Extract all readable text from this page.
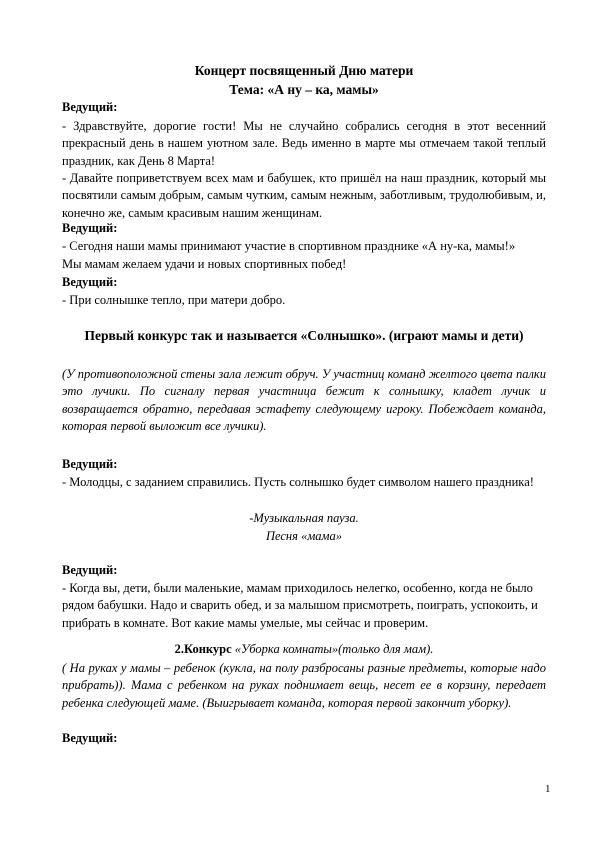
Концерт посвященный Дню матери
Тема: «А ну – ка, мамы»
Ведущий:

- Здравствуйте, дорогие гости! Мы не случайно собрались сегодня в этот весенний прекрасный день в нашем уютном зале. Ведь именно в марте мы отмечаем такой теплый праздник, как День 8 Марта!

- Давайте поприветствуем всех мам и бабушек, кто пришёл на наш праздник, который мы посвятили самым добрым, самым чутким, самым нежным, заботливым, трудолюбивым, и, конечно же, самым красивым нашим женщинам.

Ведущий:
- Сегодня наши мамы принимают участие в спортивном празднике «А ну-ка, мамы!»
Мы мамам желаем удачи и новых спортивных побед!
Ведущий:
- При солнышке тепло, при матери добро.
Первый конкурс так и называется «Солнышко». (играют мамы и дети)

(У противоположной стены зала лежит обруч. У участниц команд желтого цвета палки это лучики. По сигналу первая участница бежит к солнышку, кладет лучик и возвращается обратно, передавая эстафету следующему игроку. Побеждает команда, которая первой выложит все лучики).

Ведущий:

- Молодцы, с заданием справились. Пусть солнышко будет символом нашего праздника!

-Музыкальная пауза.
Песня «мама»
Ведущий:

- Когда вы, дети, были маленькие, мамам приходилось нелегко, особенно, когда не было рядом бабушки. Надо и сварить обед, и за малышом присмотреть, поиграть, успокоить, и прибрать в комнате. Вот какие мамы умелые, мы сейчас и проверим.

2.Конкурс «Уборка комнаты»(только для мам).

( На руках у мамы – ребенок (кукла, на полу разбросаны разные предметы, которые надо прибрать)). Мама с ребенком на руках поднимает вещь, несет ее в корзину, передает ребенка следующей маме. (Выигрывает команда, которая первой закончит уборку).

Ведущий:
1
